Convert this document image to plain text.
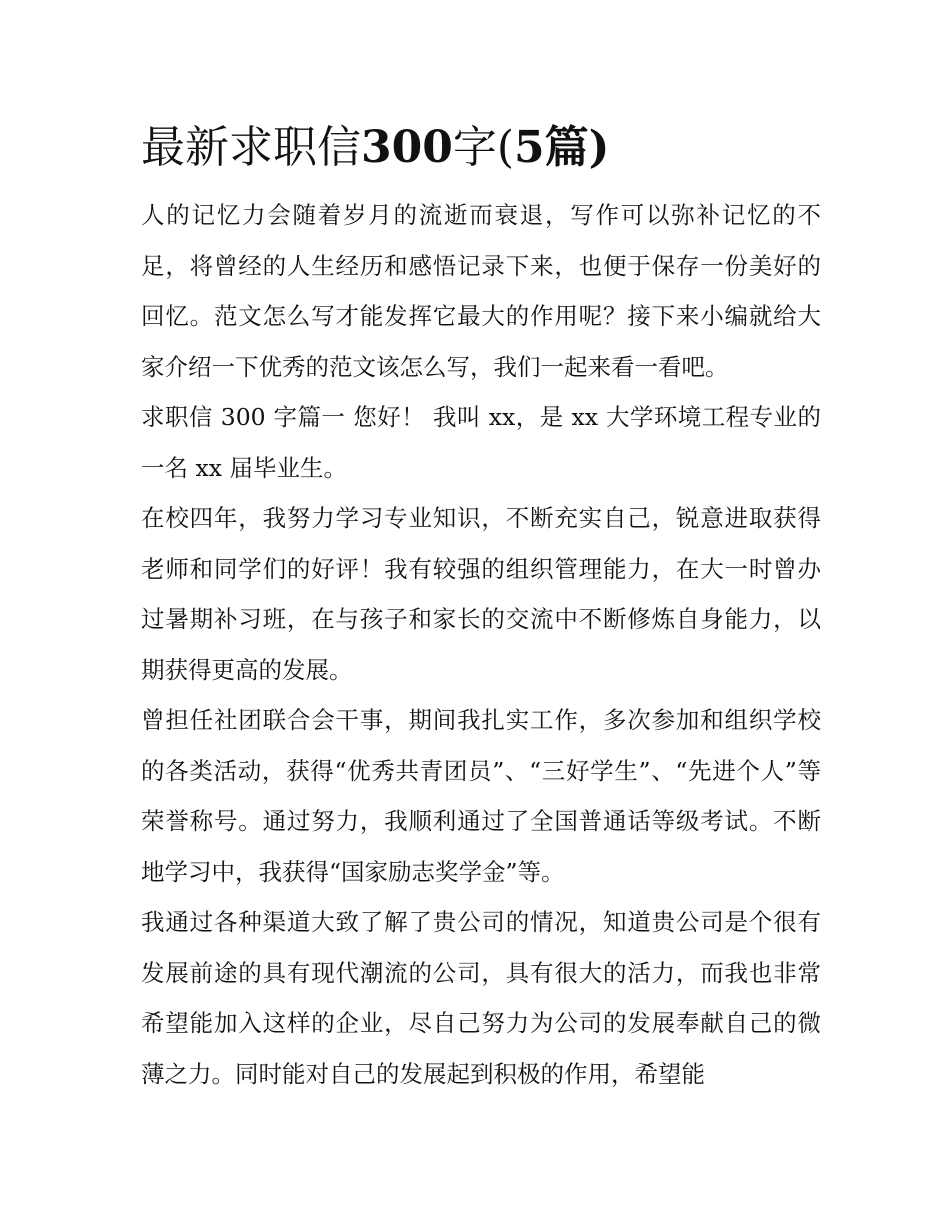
最新求职信300字(5篇)

人的记忆力会随着岁月的流逝而衰退，写作可以弥补记忆的不足，将曾经的人生经历和感悟记录下来，也便于保存一份美好的回忆。范文怎么写才能发挥它最大的作用呢？接下来小编就给大家介绍一下优秀的范文该怎么写，我们一起来看一看吧。

求职信 300 字篇一 您好！ 我叫 xx，是 xx 大学环境工程专业的一名 xx 届毕业生。

在校四年，我努力学习专业知识，不断充实自己，锐意进取获得老师和同学们的好评！我有较强的组织管理能力，在大一时曾办过暑期补习班，在与孩子和家长的交流中不断修炼自身能力，以期获得更高的发展。

曾担任社团联合会干事，期间我扎实工作，多次参加和组织学校的各类活动，获得“优秀共青团员”、“三好学生”、“先进个人”等荣誉称号。通过努力，我顺利通过了全国普通话等级考试。不断地学习中，我获得“国家励志奖学金”等。

我通过各种渠道大致了解了贵公司的情况，知道贵公司是个很有发展前途的具有现代潮流的公司，具有很大的活力，而我也非常希望能加入这样的企业，尽自己努力为公司的发展奉献自己的微薄之力。同时能对自己的发展起到积极的作用，希望能
